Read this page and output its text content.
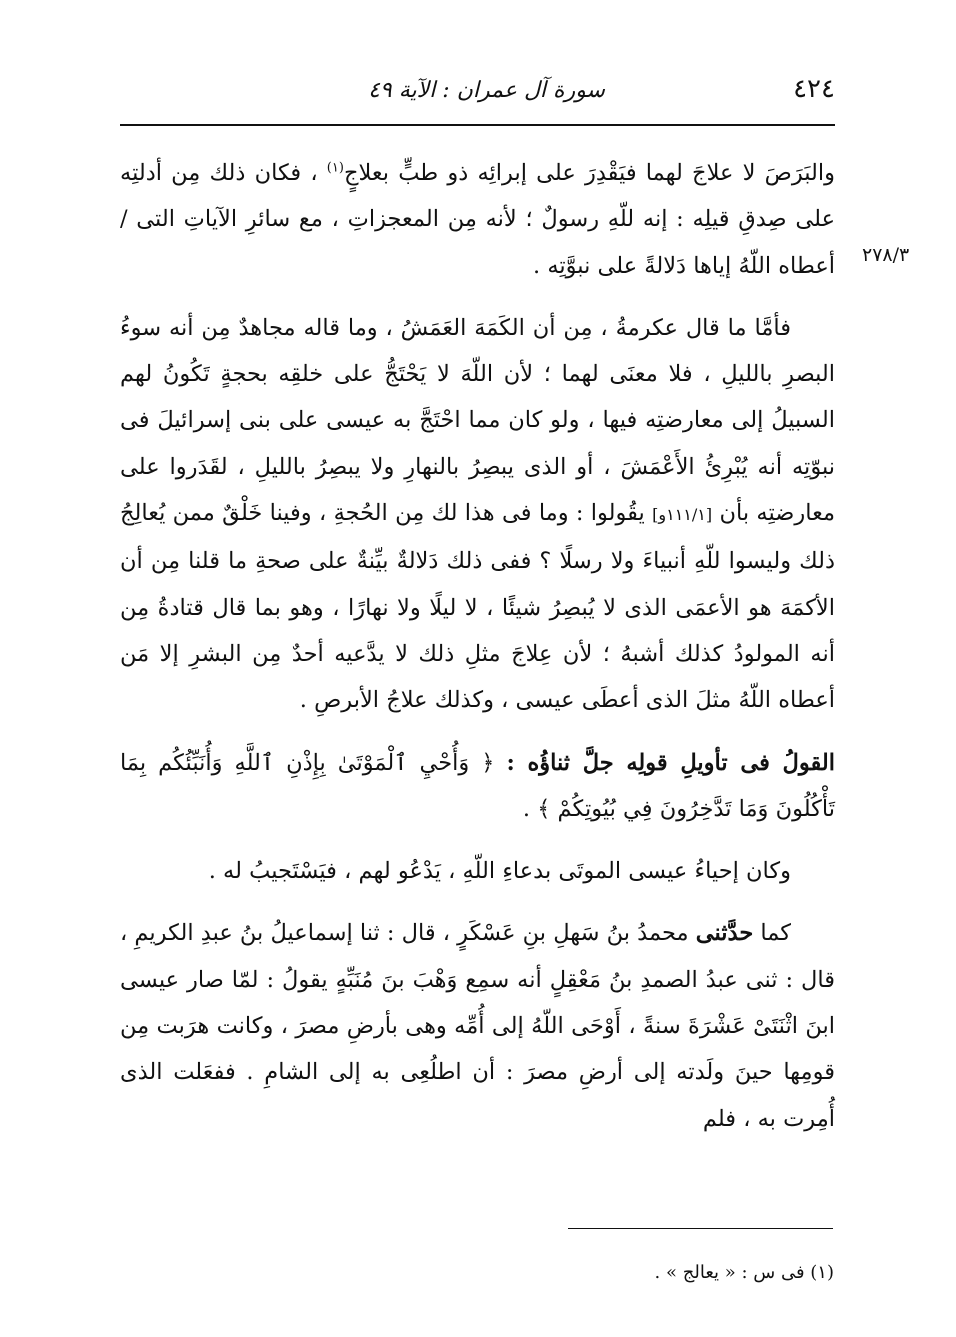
٤٢٤
سورة آل عمران : الآية ٤٩
٢٧٨/٣

والبَرَصَ لا علاجَ لهما فيَقْدِرَ على إبرائِه ذو طبٍّ بعلاجٍ$^{(١)}$ ، فكان ذلك مِن أدلتِه على صِدقِ قيلِه : إنه للّهِ رسولٌ ؛ لأنه مِن المعجزاتِ ، مع سائرِ الآياتِ التى / أعطاه اللّهُ إياها دَلالةً على نبوَّتِه .

فأمَّا ما قال عكرمةُ ، مِن أن الكَمَهَ العَمَشُ ، وما قاله مجاهدٌ مِن أنه سوءُ البصرِ بالليلِ ، فلا معنَى لهما ؛ لأن اللّهَ لا يَحْتَجُّ على خلقِه بحجةٍ تَكُونُ لهم السبيلُ إلى معارضتِه فيها ، ولو كان مما احْتَجَّ به عيسى على بنى إسرائيلَ فى نبوّتِه أنه يُبْرِئُ الأَعْمَشَ ، أو الذى يبصِرُ بالنهارِ ولا يبصِرُ بالليلِ ، لقَدَروا على معارضتِه بأن [١١١/١و] يقُولوا : وما فى هذا لك مِن الحُجةِ ، وفينا خَلْقٌ ممن يُعالِجُ ذلك وليسوا للّهِ أنبياءَ ولا رسلًا ؟ ففى ذلك دَلالةٌ بيِّنةٌ على صحةِ ما قلنا مِن أن الأكمَهَ هو الأعمَى الذى لا يُبصِرُ شيئًا ، لا ليلًا ولا نهارًا ، وهو بما قال قتادةُ مِن أنه المولودُ كذلك أشبهُ ؛ لأن عِلاجَ مثلِ ذلك لا يدَّعيه أحدٌ مِن البشرِ إلا مَن أعطاه اللّهُ مثلَ الذى أعطَى عيسى ، وكذلك علاجُ الأبرصِ .

القولُ فى تأويلِ قولِه جلَّ ثناؤُه : ﴿ وَأُحْيِ ٱلْمَوْتَىٰ بِإِذْنِ ٱللَّهِ وَأُنَبِّئُكُم بِمَا تَأْكُلُونَ وَمَا تَدَّخِرُونَ فِي بُيُوتِكُمْ ﴾ .

وكان إحياءُ عيسى الموتَى بدعاءِ اللّهِ ، يَدْعُو لهم ، فيَسْتَجيبُ له .

كما حدَّثنى محمدُ بنُ سَهلِ بنِ عَسْكَرٍ ، قال : ثنا إسماعيلُ بنُ عبدِ الكريمِ ، قال : ثنى عبدُ الصمدِ بنُ مَعْقِلٍ أنه سمِع وَهْبَ بنَ مُنَبِّهٍ يقولُ : لمّا صار عيسى ابنَ اثْنَتَىْ عَشْرَةَ سنةً ، أَوْحَى اللّهُ إلى أُمِّه وهى بأرضِ مصرَ ، وكانت هرَبت مِن قومِها حينَ ولَدته إلى أرضِ مصرَ : أن اطلُعِى به إلى الشامِ . ففعَلت الذى أُمِرت به ، فلم

(١) فى س : « يعالج » .
